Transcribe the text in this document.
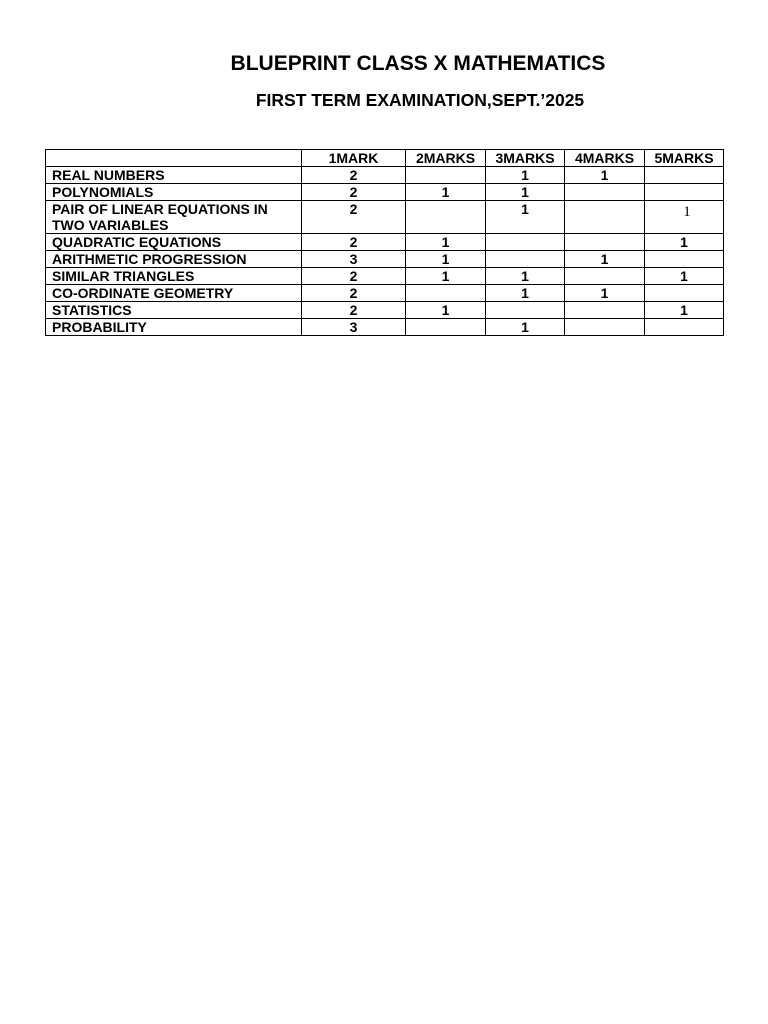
BLUEPRINT CLASS X MATHEMATICS
FIRST TERM EXAMINATION,SEPT.’2025
	1MARK	2MARKS	3MARKS	4MARKS	5MARKS
REAL NUMBERS	2		1	1	
POLYNOMIALS	2	1	1		
PAIR OF LINEAR EQUATIONS IN TWO VARIABLES	2		1		1
QUADRATIC EQUATIONS	2	1			1
ARITHMETIC PROGRESSION	3	1		1	
SIMILAR TRIANGLES	2	1	1		1
CO-ORDINATE GEOMETRY	2		1	1	
STATISTICS	2	1			1
PROBABILITY	3		1		
